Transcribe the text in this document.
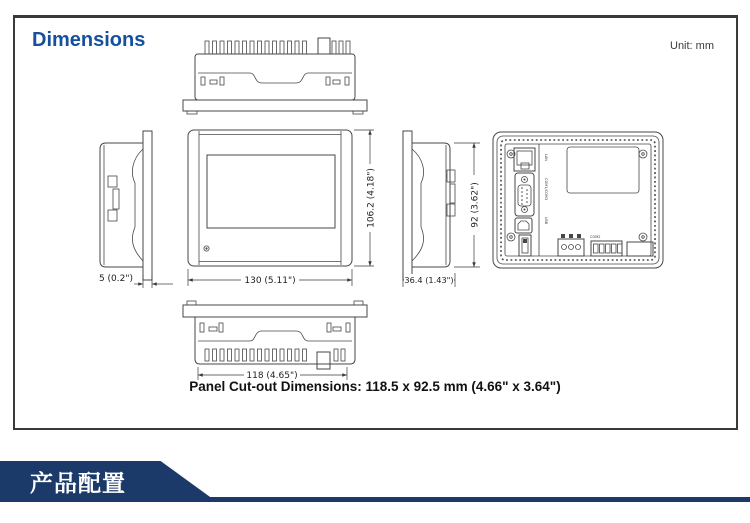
Dimensions	Unit: mm
5 (0.2")	130 (5.11")
106.2 (4.18")	92 (3.62")
36.4 (1.43")
LAN
COM1/COM3
USB
COM2
118 (4.65")

Panel Cut-out Dimensions: 118.5 x 92.5 mm (4.66" x 3.64")

产品配置
